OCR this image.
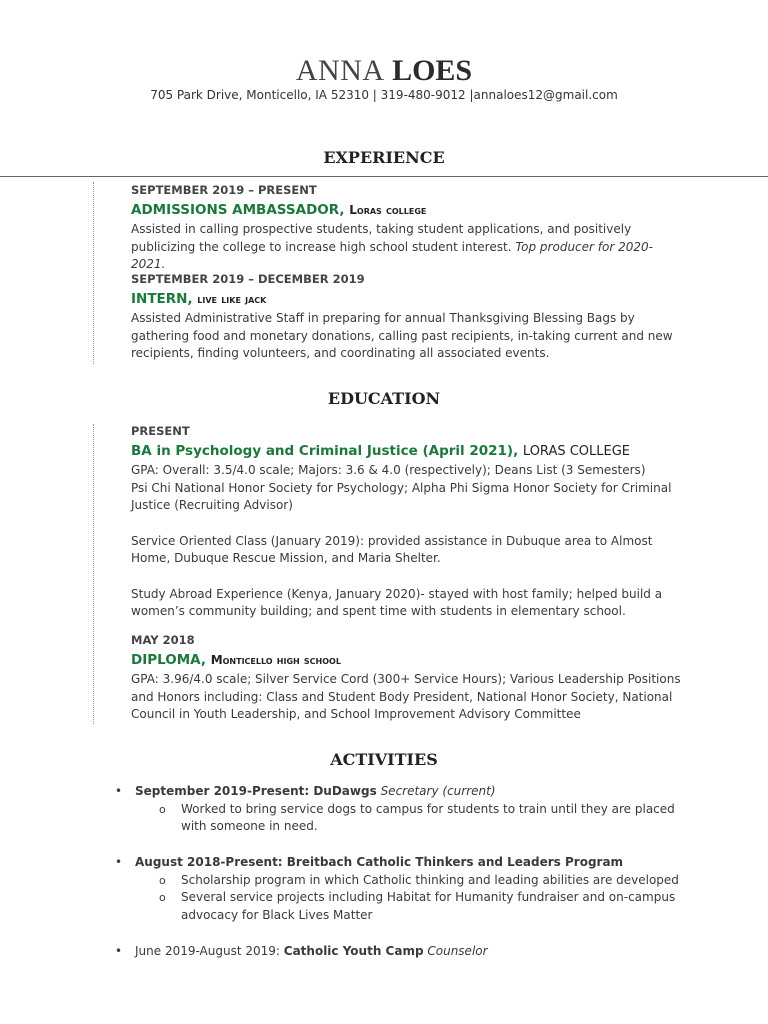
ANNA LOES
705 Park Drive, Monticello, IA 52310 | 319-480-9012 |annaloes12@gmail.com
EXPERIENCE
SEPTEMBER 2019 – PRESENT
ADMISSIONS AMBASSADOR, Loras college
Assisted in calling prospective students, taking student applications, and positively publicizing the college to increase high school student interest. Top producer for 2020- 2021.
SEPTEMBER 2019 – DECEMBER 2019
INTERN, live like jack
Assisted Administrative Staff in preparing for annual Thanksgiving Blessing Bags by gathering food and monetary donations, calling past recipients, in-taking current and new recipients, finding volunteers, and coordinating all associated events.
EDUCATION
PRESENT
BA in Psychology and Criminal Justice (April 2021), LORAS COLLEGE
GPA: Overall: 3.5/4.0 scale; Majors: 3.6 & 4.0 (respectively); Deans List (3 Semesters)
Psi Chi National Honor Society for Psychology; Alpha Phi Sigma Honor Society for Criminal Justice (Recruiting Advisor)
Service Oriented Class (January 2019): provided assistance in Dubuque area to Almost Home, Dubuque Rescue Mission, and Maria Shelter.
Study Abroad Experience (Kenya, January 2020)- stayed with host family; helped build a women’s community building; and spent time with students in elementary school.
MAY 2018
DIPLOMA, Monticello high school
GPA: 3.96/4.0 scale; Silver Service Cord (300+ Service Hours); Various Leadership Positions and Honors including: Class and Student Body President, National Honor Society, National Council in Youth Leadership, and School Improvement Advisory Committee
ACTIVITIES
• September 2019-Present: DuDawgs Secretary (current)
o Worked to bring service dogs to campus for students to train until they are placed with someone in need.
• August 2018-Present: Breitbach Catholic Thinkers and Leaders Program
o Scholarship program in which Catholic thinking and leading abilities are developed
o Several service projects including Habitat for Humanity fundraiser and on-campus advocacy for Black Lives Matter
• June 2019-August 2019: Catholic Youth Camp Counselor
